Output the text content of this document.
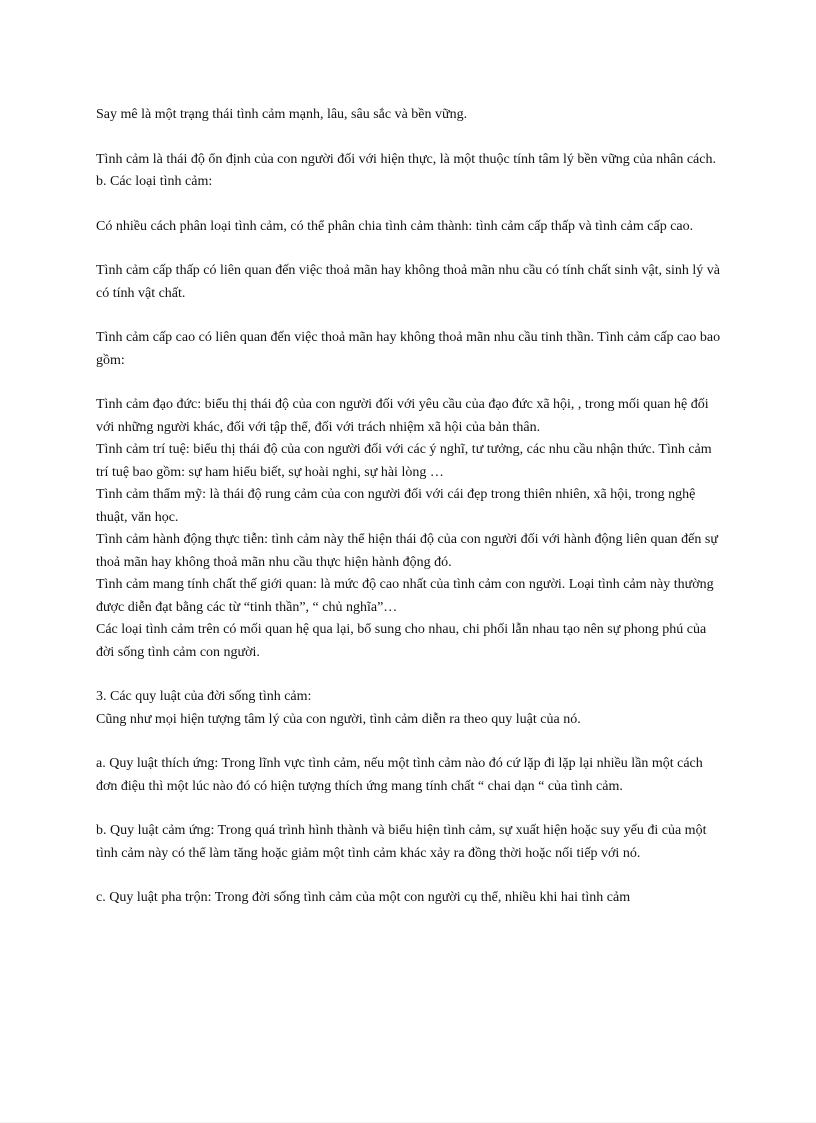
Say mê là một trạng thái tình cảm mạnh, lâu, sâu sắc và bền vững.

Tình cảm là thái độ ổn định của con người đối với hiện thực, là một thuộc tính tâm lý bền vững của nhân cách.

b. Các loại tình cảm:

Có nhiều cách phân loại tình cảm, có thể phân chia tình cảm thành: tình cảm cấp thấp và tình cảm cấp cao.

Tình cảm cấp thấp có liên quan đến việc thoả mãn hay không thoả mãn nhu cầu có tính chất sinh vật, sinh lý và có tính vật chất.

Tình cảm cấp cao có liên quan đến việc thoả mãn hay không thoả mãn nhu cầu tinh thần. Tình cảm cấp cao bao gồm:

Tình cảm đạo đức: biểu thị thái độ của con người đối với yêu cầu của đạo đức xã hội, , trong mối quan hệ đối với những người khác, đối với tập thể, đối với trách nhiệm xã hội của bản thân.

Tình cảm trí tuệ: biểu thị thái độ của con người đối với các ý nghĩ, tư tưởng, các nhu cầu nhận thức. Tình cảm trí tuệ bao gồm: sự ham hiểu biết, sự hoài nghi, sự hài lòng …

Tình cảm thẩm mỹ: là thái độ rung cảm của con người đối với cái đẹp trong thiên nhiên, xã hội, trong nghệ thuật, văn học.

Tình cảm hành động thực tiễn: tình cảm này thể hiện thái độ của con người đối với hành động liên quan đến sự thoả mãn hay không thoả mãn nhu cầu thực hiện hành động đó.

Tình cảm mang tính chất thế giới quan: là mức độ cao nhất của tình cảm con người. Loại tình cảm này thường được diễn đạt bằng các từ “tinh thần”, “ chủ nghĩa”…

Các loại tình cảm trên có mối quan hệ qua lại, bổ sung cho nhau, chi phối lẫn nhau tạo nên sự phong phú của đời sống tình cảm con người.

3. Các quy luật của đời sống tình cảm:

Cũng như mọi hiện tượng tâm lý của con người, tình cảm diễn ra theo quy luật của nó.

a. Quy luật thích ứng: Trong lĩnh vực tình cảm, nếu một tình cảm nào đó cứ lặp đi lặp lại nhiều lần một cách đơn điệu thì một lúc nào đó có hiện tượng thích ứng mang tính chất “ chai dạn “ của tình cảm.

b. Quy luật cảm ứng: Trong quá trình hình thành và biểu hiện tình cảm, sự xuất hiện hoặc suy yếu đi của một tình cảm này có thể làm tăng hoặc giảm một tình cảm khác xảy ra đồng thời hoặc nối tiếp với nó.

c. Quy luật pha trộn: Trong đời sống tình cảm của một con người cụ thể, nhiều khi hai tình cảm
